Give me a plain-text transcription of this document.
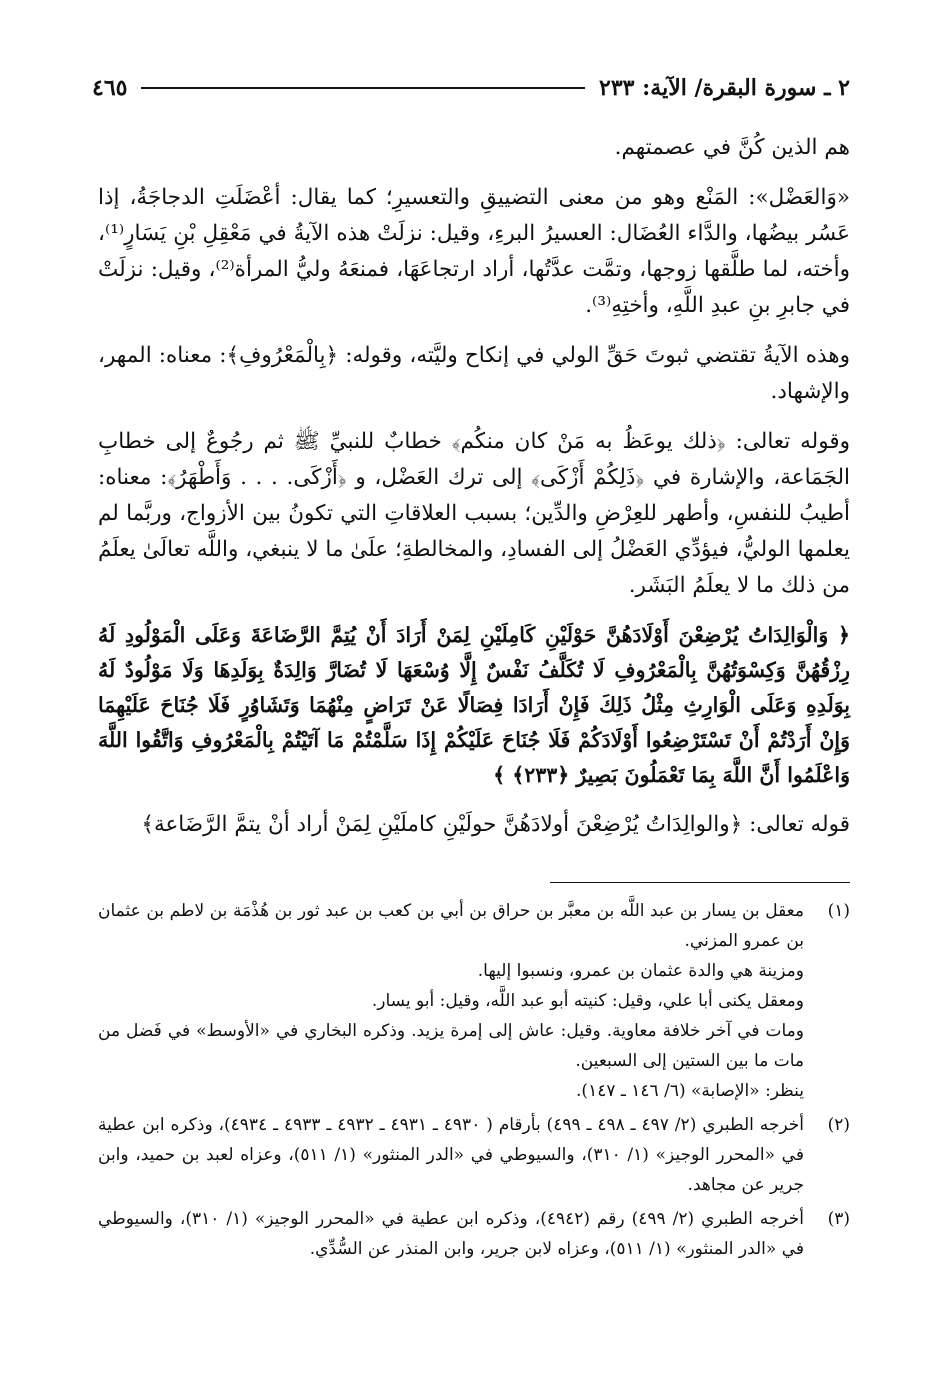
٢ ـ سورة البقرة/ الآية: ٢٣٣
٤٦٥

هم الذين كُنَّ في عصمتهم.

«وَالعَضْل»: المَنْع وهو من معنى التضييقِ والتعسيرِ؛ كما يقال: أعْضَلَتِ الدجاجَةُ، إذا عَسُر بيضُها، والدَّاء العُضَال: العسيرُ البرءِ، وقيل: نزلَتْ هذه الآيةُ في مَعْقِلِ بْنِ يَسَارٍ⁽¹⁾، وأخته، لما طلَّقها زوجها، وتمَّت عدَّتُها، أراد ارتجاعَهَا، فمنعَهُ وليُّ المرأة⁽²⁾، وقيل: نزلَتْ في جابرِ بنِ عبدِ اللَّهِ، وأختِهِ⁽³⁾.

وهذه الآيةُ تقتضي ثبوتَ حَقِّ الولي في إنكاح وليَّته، وقوله: ﴿بِالْمَعْرُوفِ﴾: معناه: المهر، والإشهاد.

وقوله تعالى: ﴿ذلك يوعَظُ به مَنْ كان منكُم﴾ خطابٌ للنبيِّ ﷺ ثم رجُوعٌ إلى خطابِ الجَمَاعة، والإشارة في ﴿ذَلِكُمْ أَزْكَى﴾ إلى ترك العَضْل، و ﴿أَزْكَى. . . . وَأَطْهَرُ﴾: معناه: أطيبُ للنفسِ، وأطهر للعِرْضِ والدِّين؛ بسبب العلاقاتِ التي تكونُ بين الأزواج، وربَّما لم يعلمها الوليُّ، فيؤدِّي العَضْلُ إلى الفسادِ، والمخالطةِ؛ علَىٰ ما لا ينبغي، واللَّه تعالَىٰ يعلَمُ من ذلك ما لا يعلَمُ البَشَر.

﴿ وَالْوَالِدَاتُ يُرْضِعْنَ أَوْلَادَهُنَّ حَوْلَيْنِ كَامِلَيْنِ لِمَنْ أَرَادَ أَنْ يُتِمَّ الرَّضَاعَةَ وَعَلَى الْمَوْلُودِ لَهُ رِزْقُهُنَّ وَكِسْوَتُهُنَّ بِالْمَعْرُوفِ لَا تُكَلَّفُ نَفْسٌ إِلَّا وُسْعَهَا لَا تُضَارَّ وَالِدَةٌ بِوَلَدِهَا وَلَا مَوْلُودٌ لَهُ بِوَلَدِهِ وَعَلَى الْوَارِثِ مِثْلُ ذَلِكَ فَإِنْ أَرَادَا فِصَالًا عَنْ تَرَاضٍ مِنْهُمَا وَتَشَاوُرٍ فَلَا جُنَاحَ عَلَيْهِمَا وَإِنْ أَرَدْتُمْ أَنْ تَسْتَرْضِعُوا أَوْلَادَكُمْ فَلَا جُنَاحَ عَلَيْكُمْ إِذَا سَلَّمْتُمْ مَا آتَيْتُمْ بِالْمَعْرُوفِ وَاتَّقُوا اللَّهَ وَاعْلَمُوا أَنَّ اللَّهَ بِمَا تَعْمَلُونَ بَصِيرٌ ﴿٢٣٣﴾ ﴾

قوله تعالى: ﴿والوالِدَاتُ يُرْضِعْنَ أولادَهُنَّ حولَيْنِ كاملَيْنِ لِمَنْ أراد أنْ يتمَّ الرَّضَاعة﴾

(١)
معقل بن يسار بن عبد اللَّه بن معبَّر بن حراق بن أبي بن كعب بن عبد ثور بن هُذْمَة بن لاطم بن عثمان بن عمرو المزني.
ومزينة هي والدة عثمان بن عمرو، ونسبوا إليها.
ومعقل يكنى أبا علي، وقيل: كنيته أبو عبد اللَّه، وقيل: أبو يسار.
ومات في آخر خلافة معاوية. وقيل: عاش إلى إمرة يزيد. وذكره البخاري في «الأوسط» في فَضل من مات ما بين الستين إلى السبعين.
ينظر: «الإصابة» (٦/ ١٤٦ ـ ١٤٧).
(٢)
أخرجه الطبري (٢/ ٤٩٧ ـ ٤٩٨ ـ ٤٩٩) بأرقام ( ٤٩٣٠ ـ ٤٩٣١ ـ ٤٩٣٢ ـ ٤٩٣٣ ـ ٤٩٣٤)، وذكره ابن عطية في «المحرر الوجيز» (١/ ٣١٠)، والسيوطي في «الدر المنثور» (١/ ٥١١)، وعزاه لعبد بن حميد، وابن جرير عن مجاهد.
(٣)
أخرجه الطبري (٢/ ٤٩٩) رقم (٤٩٤٢)، وذكره ابن عطية في «المحرر الوجيز» (١/ ٣١٠)، والسيوطي في «الدر المنثور» (١/ ٥١١)، وعزاه لابن جرير، وابن المنذر عن السُّدِّي.
